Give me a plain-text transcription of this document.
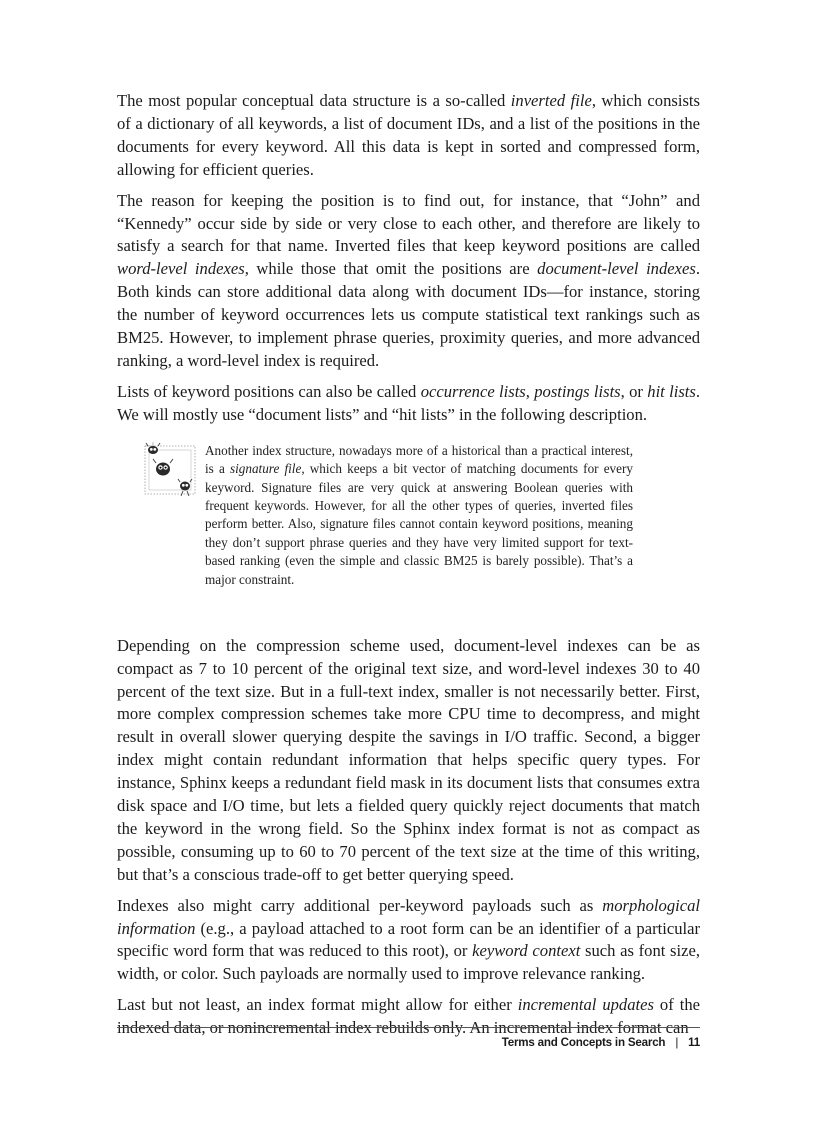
The most popular conceptual data structure is a so-called inverted file, which consists of a dictionary of all keywords, a list of document IDs, and a list of the positions in the documents for every keyword. All this data is kept in sorted and compressed form, allowing for efficient queries.

The reason for keeping the position is to find out, for instance, that “John” and “Kennedy” occur side by side or very close to each other, and therefore are likely to satisfy a search for that name. Inverted files that keep keyword positions are called word-level indexes, while those that omit the positions are document-level indexes. Both kinds can store additional data along with document IDs—for instance, storing the number of keyword occurrences lets us compute statistical text rankings such as BM25. However, to implement phrase queries, proximity queries, and more advanced ranking, a word-level index is required.

Lists of keyword positions can also be called occurrence lists, postings lists, or hit lists. We will mostly use “document lists” and “hit lists” in the following description.

Another index structure, nowadays more of a historical than a practical interest, is a signature file, which keeps a bit vector of matching documents for every keyword. Signature files are very quick at answering Boolean queries with frequent keywords. However, for all the other types of queries, inverted files perform better. Also, signature files cannot contain keyword positions, meaning they don’t support phrase queries and they have very limited support for text-based ranking (even the simple and classic BM25 is barely possible). That’s a major constraint.

Depending on the compression scheme used, document-level indexes can be as compact as 7 to 10 percent of the original text size, and word-level indexes 30 to 40 percent of the text size. But in a full-text index, smaller is not necessarily better. First, more complex compression schemes take more CPU time to decompress, and might result in overall slower querying despite the savings in I/O traffic. Second, a bigger index might contain redundant information that helps specific query types. For instance, Sphinx keeps a redundant field mask in its document lists that consumes extra disk space and I/O time, but lets a fielded query quickly reject documents that match the keyword in the wrong field. So the Sphinx index format is not as compact as possible, consuming up to 60 to 70 percent of the text size at the time of this writing, but that’s a conscious trade-off to get better querying speed.

Indexes also might carry additional per-keyword payloads such as morphological information (e.g., a payload attached to a root form can be an identifier of a particular specific word form that was reduced to this root), or keyword context such as font size, width, or color. Such payloads are normally used to improve relevance ranking.

Last but not least, an index format might allow for either incremental updates of the indexed data, or nonincremental index rebuilds only. An incremental index format can

Terms and Concepts in Search | 11
